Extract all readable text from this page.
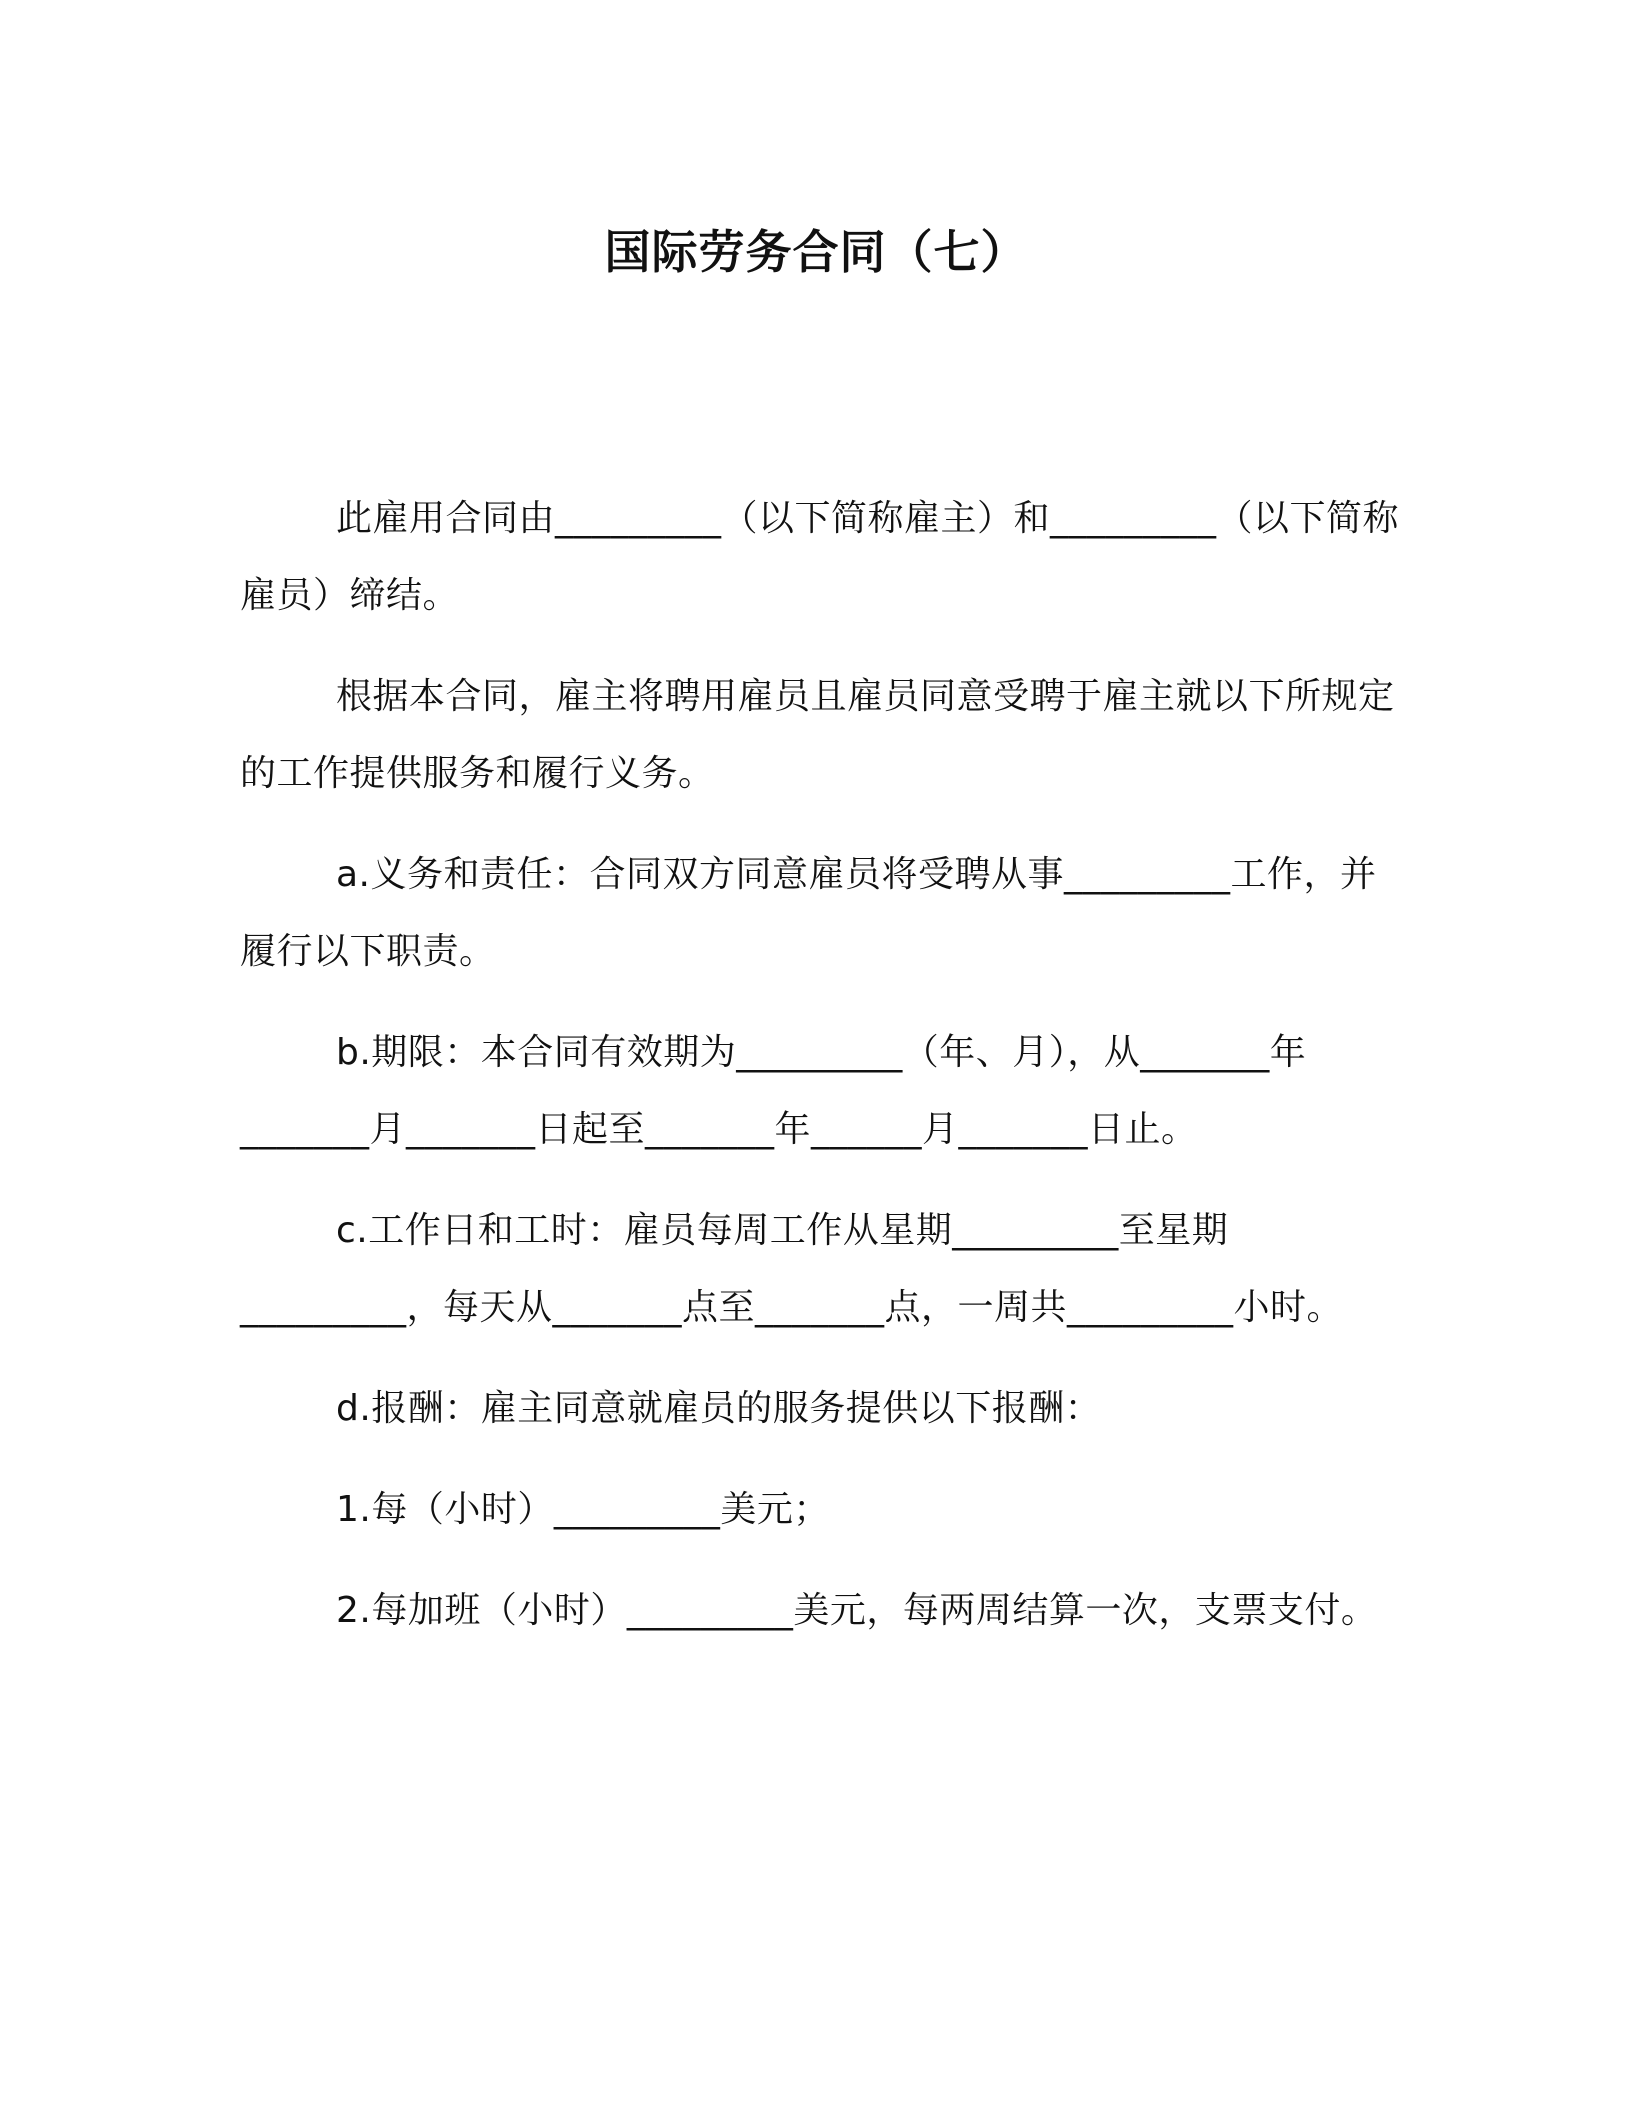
国际劳务合同（七）

此雇用合同由_________（以下简称雇主）和_________（以下简称雇员）缔结。

根据本合同，雇主将聘用雇员且雇员同意受聘于雇主就以下所规定的工作提供服务和履行义务。

a.义务和责任：合同双方同意雇员将受聘从事_________工作，并履行以下职责。

b.期限：本合同有效期为_________（年、月），从_______年_______月_______日起至_______年______月_______日止。

c.工作日和工时：雇员每周工作从星期_________至星期_________，每天从_______点至_______点，一周共_________小时。

d.报酬：雇主同意就雇员的服务提供以下报酬：

1.每（小时）_________美元；

2.每加班（小时）_________美元，每两周结算一次，支票支付。
